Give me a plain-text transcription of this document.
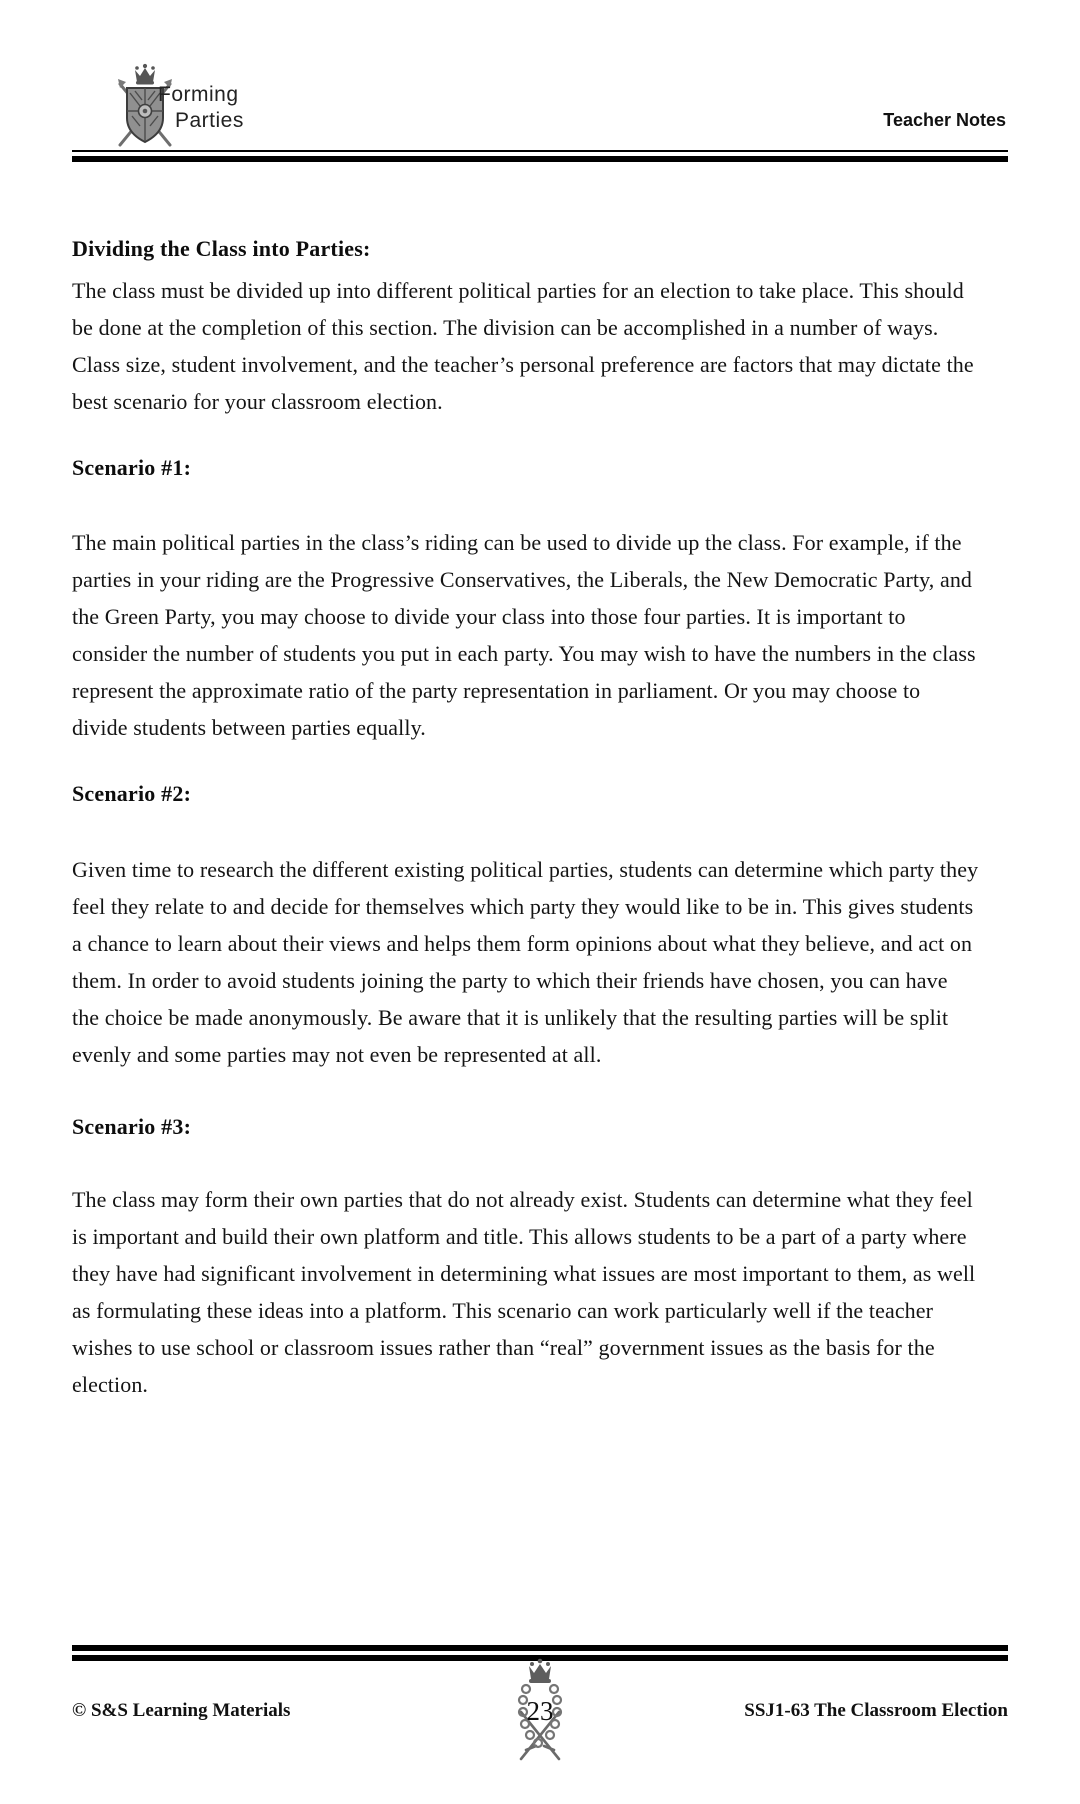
Forming
Parties	Teacher Notes
Dividing the Class into Parties:

The class must be divided up into different political parties for an election to take place. This should be done at the completion of this section. The division can be accomplished in a number of ways. Class size, student involvement, and the teacher’s personal preference are factors that may dictate the best scenario for your classroom election.

Scenario #1:

The main political parties in the class’s riding can be used to divide up the class. For example, if the parties in your riding are the Progressive Conservatives, the Liberals, the New Democratic Party, and the Green Party, you may choose to divide your class into those four parties. It is important to consider the number of students you put in each party. You may wish to have the numbers in the class represent the approximate ratio of the party representation in parliament. Or you may choose to divide students between parties equally.

Scenario #2:

Given time to research the different existing political parties, students can determine which party they feel they relate to and decide for themselves which party they would like to be in. This gives students a chance to learn about their views and helps them form opinions about what they believe, and act on them. In order to avoid students joining the party to which their friends have chosen, you can have the choice be made anonymously. Be aware that it is unlikely that the resulting parties will be split evenly and some parties may not even be represented at all.

Scenario #3:

The class may form their own parties that do not already exist. Students can determine what they feel is important and build their own platform and title. This allows students to be a part of a party where they have had significant involvement in determining what issues are most important to them, as well as formulating these ideas into a platform. This scenario can work particularly well if the teacher wishes to use school or classroom issues rather than “real” government issues as the basis for the election.

© S&S Learning Materials	SSJ1-63 The Classroom Election
23
